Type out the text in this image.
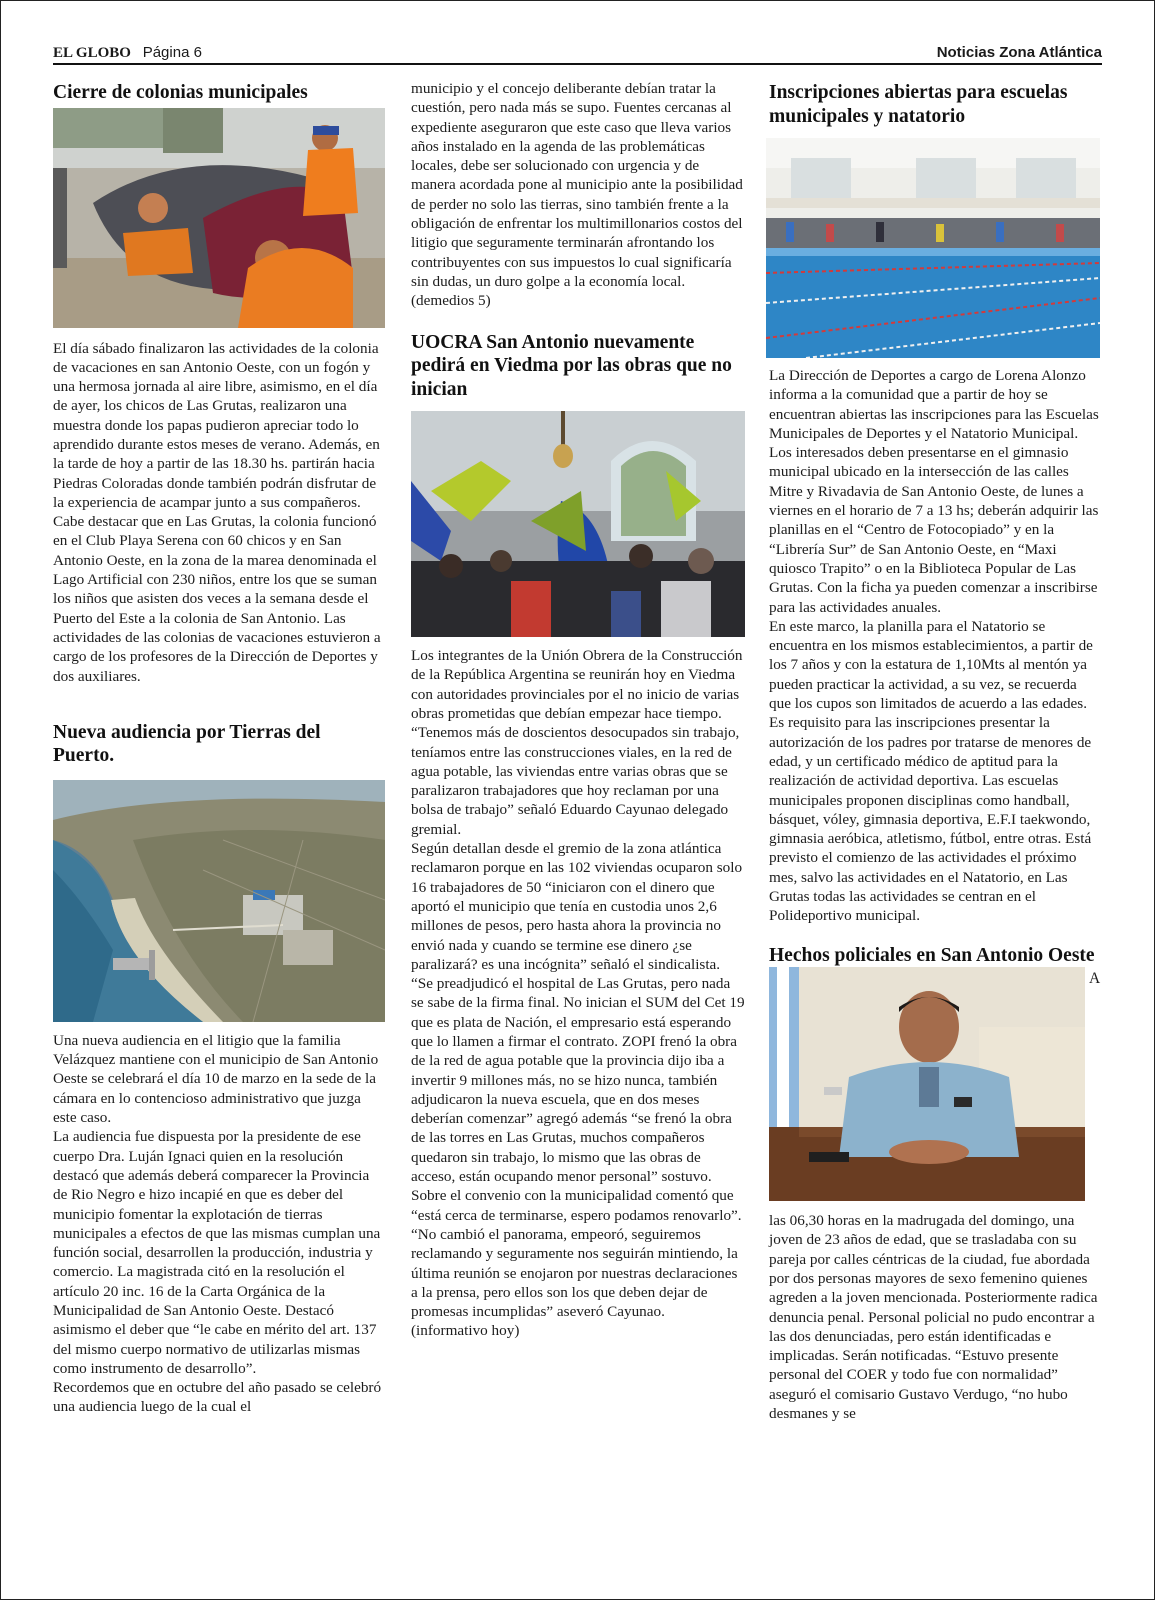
EL GLOBO Página 6	Noticias Zona Atlántica
Cierre de colonias municipales

El día sábado finalizaron las actividades de la colonia de vacaciones en san Antonio Oeste, con un fogón y una hermosa jornada al aire libre, asimismo, en el día de ayer, los chicos de Las Grutas, realizaron una muestra donde los papas pudieron apreciar todo lo aprendido durante estos meses de verano. Además, en la tarde de hoy a partir de las 18.30 hs. partirán hacia Piedras Coloradas donde también podrán disfrutar de la experiencia de acampar junto a sus compañeros. Cabe destacar que en Las Grutas, la colonia funcionó en el Club Playa Serena con 60 chicos y en San Antonio Oeste, en la zona de la marea denominada el Lago Artificial con 230 niños, entre los que se suman los niños que asisten dos veces a la semana desde el Puerto del Este a la colonia de San Antonio. Las actividades de las colonias de vacaciones estuvieron a cargo de los profesores de la Dirección de Deportes y dos auxiliares.

Nueva audiencia por Tierras del Puerto.

Una nueva audiencia en el litigio que la familia Velázquez mantiene con el municipio de San Antonio Oeste se celebrará el día 10 de marzo en la sede de la cámara en lo contencioso administrativo que juzga este caso.

La audiencia fue dispuesta por la presidente de ese cuerpo Dra. Luján Ignaci quien en la resolución destacó que además deberá comparecer la Provincia de Rio Negro e hizo incapié en que es deber del municipio fomentar la explotación de tierras municipales a efectos de que las mismas cumplan una función social, desarrollen la producción, industria y comercio. La magistrada citó en la resolución el artículo 20 inc. 16 de la Carta Orgánica de la Municipalidad de San Antonio Oeste. Destacó asimismo el deber que “le cabe en mérito del art. 137 del mismo cuerpo normativo de utilizarlas mismas como instrumento de desarrollo”.

Recordemos que en octubre del año pasado se celebró una audiencia luego de la cual el

municipio y el concejo deliberante debían tratar la cuestión, pero nada más se supo. Fuentes cercanas al expediente aseguraron que este caso que lleva varios años instalado en la agenda de las problemáticas locales, debe ser solucionado con urgencia y de manera acordada pone al municipio ante la posibilidad de perder no solo las tierras, sino también frente a la obligación de enfrentar los multimillonarios costos del litigio que seguramente terminarán afrontando los contribuyentes con sus impuestos lo cual significaría sin dudas, un duro golpe a la economía local. (demedios 5)

UOCRA San Antonio nuevamente pedirá en Viedma por las obras que no inician

Los integrantes de la Unión Obrera de la Construcción de la República Argentina se reunirán hoy en Viedma con autoridades provinciales por el no inicio de varias obras prometidas que debían empezar hace tiempo. “Tenemos más de doscientos desocupados sin trabajo, teníamos entre las construcciones viales, en la red de agua potable, las viviendas entre varias obras que se paralizaron trabajadores que hoy reclaman por una bolsa de trabajo” señaló Eduardo Cayunao delegado gremial.

Según detallan desde el gremio de la zona atlántica reclamaron porque en las 102 viviendas ocuparon solo 16 trabajadores de 50 “iniciaron con el dinero que aportó el municipio que tenía en custodia unos 2,6 millones de pesos, pero hasta ahora la provincia no envió nada y cuando se termine ese dinero ¿se paralizará? es una incógnita” señaló el sindicalista.

“Se preadjudicó el hospital de Las Grutas, pero nada se sabe de la firma final. No inician el SUM del Cet 19 que es plata de Nación, el empresario está esperando que lo llamen a firmar el contrato. ZOPI frenó la obra de la red de agua potable que la provincia dijo iba a invertir 9 millones más, no se hizo nunca, también adjudicaron la nueva escuela, que en dos meses deberían comenzar” agregó además “se frenó la obra de las torres en Las Grutas, muchos compañeros quedaron sin trabajo, lo mismo que las obras de acceso, están ocupando menor personal” sostuvo.

Sobre el convenio con la municipalidad comentó que “está cerca de terminarse, espero podamos renovarlo”.

“No cambió el panorama, empeoró, seguiremos reclamando y seguramente nos seguirán mintiendo, la última reunión se enojaron por nuestras declaraciones a la prensa, pero ellos son los que deben dejar de promesas incumplidas” aseveró Cayunao. (informativo hoy)

Inscripciones abiertas para escuelas municipales y natatorio

La Dirección de Deportes a cargo de Lorena Alonzo informa a la comunidad que a partir de hoy se encuentran abiertas las inscripciones para las Escuelas Municipales de Deportes y el Natatorio Municipal.

Los interesados deben presentarse en el gimnasio municipal ubicado en la intersección de las calles Mitre y Rivadavia de San Antonio Oeste, de lunes a viernes en el horario de 7 a 13 hs; deberán adquirir las planillas en el “Centro de Fotocopiado” y en la “Librería Sur” de San Antonio Oeste, en “Maxi quiosco Trapito” o en la Biblioteca Popular de Las Grutas. Con la ficha ya pueden comenzar a inscribirse para las actividades anuales.

En este marco, la planilla para el Natatorio se encuentra en los mismos establecimientos, a partir de los 7 años y con la estatura de 1,10Mts al mentón ya pueden practicar la actividad, a su vez, se recuerda que los cupos son limitados de acuerdo a las edades. Es requisito para las inscripciones presentar la autorización de los padres por tratarse de menores de edad, y un certificado médico de aptitud para la realización de actividad deportiva. Las escuelas municipales proponen disciplinas como handball, básquet, vóley, gimnasia deportiva, E.F.I taekwondo, gimnasia aeróbica, atletismo, fútbol, entre otras. Está previsto el comienzo de las actividades el próximo mes, salvo las actividades en el Natatorio, en Las Grutas todas las actividades se centran en el Polideportivo municipal.

Hechos policiales en San Antonio Oeste
A

las 06,30 horas en la madrugada del domingo, una joven de 23 años de edad, que se trasladaba con su pareja por calles céntricas de la ciudad, fue abordada por dos personas mayores de sexo femenino quienes agreden a la joven mencionada. Posteriormente radica denuncia penal. Personal policial no pudo encontrar a las dos denunciadas, pero están identificadas e implicadas. Serán notificadas. “Estuvo presente personal del COER y todo fue con normalidad” aseguró el comisario Gustavo Verdugo, “no hubo desmanes y se
